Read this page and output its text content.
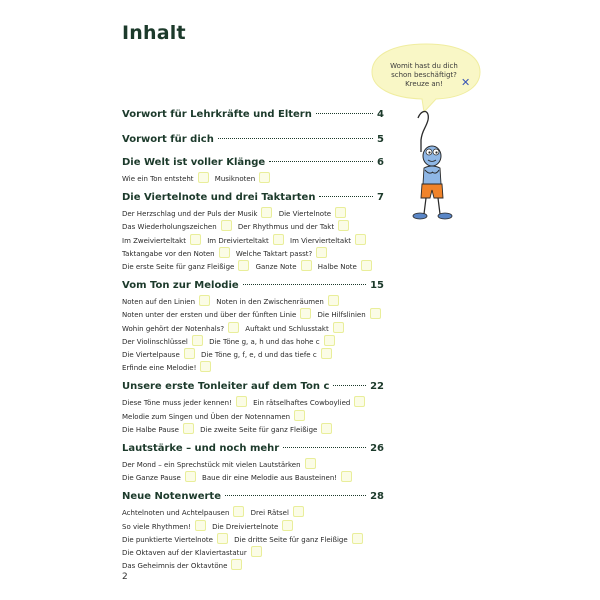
Inhalt
Womit hast du dich
schon beschäftigt?
Kreuze an!	✕
Vorwort für Lehrkräfte und Eltern	4
Vorwort für dich	5
Die Welt ist voller Klänge	6
Wie ein Ton entsteht	Musiknoten
Die Viertelnote und drei Taktarten	7
Der Herzschlag und der Puls der Musik	Die Viertelnote
Das Wiederholungszeichen	Der Rhythmus und der Takt
Im Zweivierteltakt	Im Dreivierteltakt	Im Viervierteltakt
Taktangabe vor den Noten	Welche Taktart passt?
Die erste Seite für ganz Fleißige	Ganze Note	Halbe Note
Vom Ton zur Melodie	15
Noten auf den Linien	Noten in den Zwischenräumen
Noten unter der ersten und über der fünften Linie	Die Hilfslinien
Wohin gehört der Notenhals?	Auftakt und Schlusstakt
Der Violinschlüssel	Die Töne g, a, h und das hohe c
Die Viertelpause	Die Töne g, f, e, d und das tiefe c
Erfinde eine Melodie!
Unsere erste Tonleiter auf dem Ton c	22
Diese Töne muss jeder kennen!	Ein rätselhaftes Cowboylied
Melodie zum Singen und Üben der Notennamen
Die Halbe Pause	Die zweite Seite für ganz Fleißige
Lautstärke – und noch mehr	26
Der Mond – ein Sprechstück mit vielen Lautstärken
Die Ganze Pause	Baue dir eine Melodie aus Bausteinen!
Neue Notenwerte	28
Achtelnoten und Achtelpausen	Drei Rätsel
So viele Rhythmen!	Die Dreiviertelnote
Die punktierte Viertelnote	Die dritte Seite für ganz Fleißige
Die Oktaven auf der Klaviertastatur
Das Geheimnis der Oktavtöne
2
